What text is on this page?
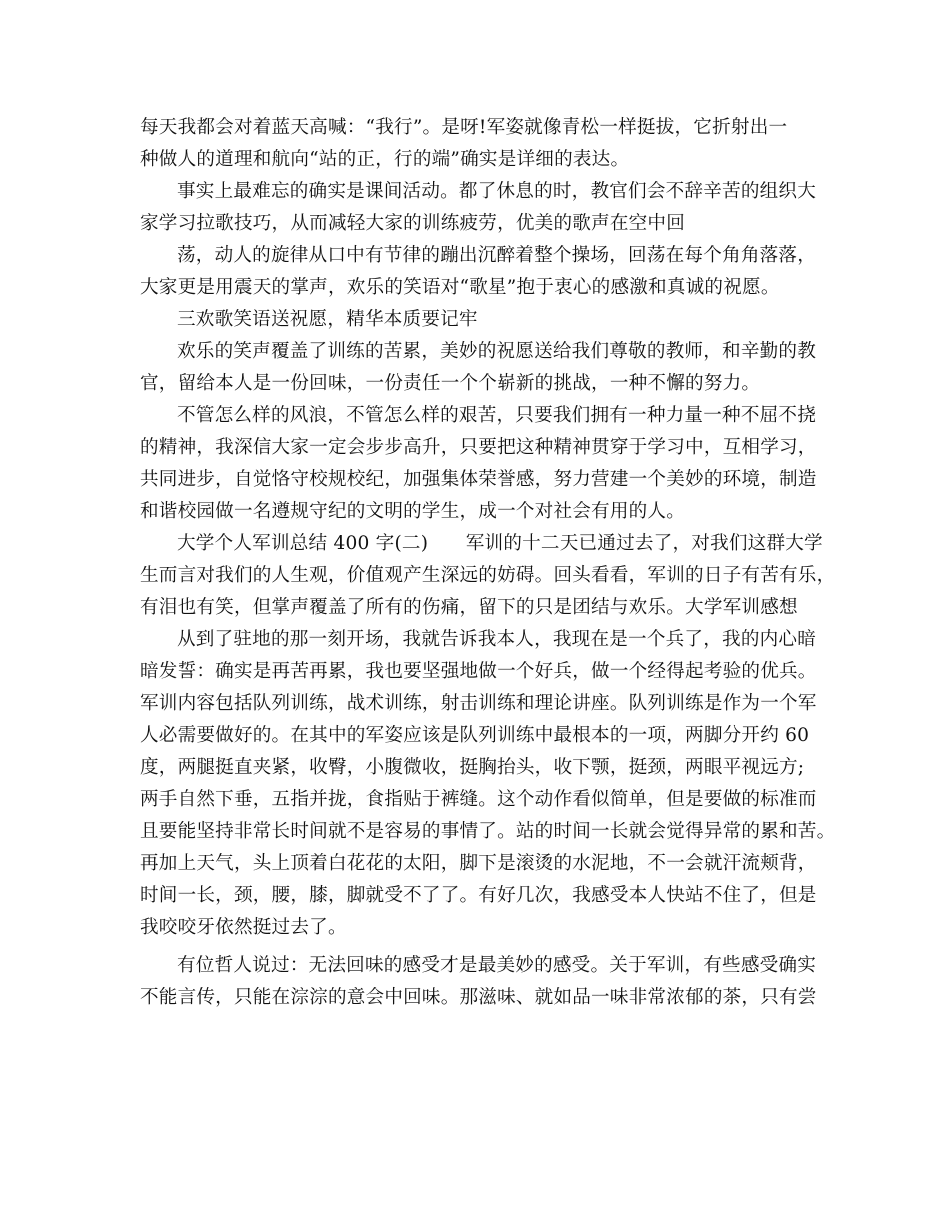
每天我都会对着蓝天高喊：“我行”。是呀!军姿就像青松一样挺拔，它折射出一
种做人的道理和航向“站的正，行的端”确实是详细的表达。
事实上最难忘的确实是课间活动。都了休息的时，教官们会不辞辛苦的组织大
家学习拉歌技巧，从而减轻大家的训练疲劳，优美的歌声在空中回
荡，动人的旋律从口中有节律的蹦出沉醉着整个操场，回荡在每个角角落落，
大家更是用震天的掌声，欢乐的笑语对“歌星”抱于衷心的感激和真诚的祝愿。
三欢歌笑语送祝愿，精华本质要记牢
欢乐的笑声覆盖了训练的苦累，美妙的祝愿送给我们尊敬的教师，和辛勤的教
官，留给本人是一份回味，一份责任一个个崭新的挑战，一种不懈的努力。
不管怎么样的风浪，不管怎么样的艰苦，只要我们拥有一种力量一种不屈不挠
的精神，我深信大家一定会步步高升，只要把这种精神贯穿于学习中，互相学习，
共同进步，自觉恪守校规校纪，加强集体荣誉感，努力营建一个美妙的环境，制造
和谐校园做一名遵规守纪的文明的学生，成一个对社会有用的人。
大学个人军训总结 400 字(二)　　军训的十二天已通过去了，对我们这群大学
生而言对我们的人生观，价值观产生深远的妨碍。回头看看，军训的日子有苦有乐，
有泪也有笑，但掌声覆盖了所有的伤痛，留下的只是团结与欢乐。大学军训感想
从到了驻地的那一刻开场，我就告诉我本人，我现在是一个兵了，我的内心暗
暗发誓：确实是再苦再累，我也要坚强地做一个好兵，做一个经得起考验的优兵。
军训内容包括队列训练，战术训练，射击训练和理论讲座。队列训练是作为一个军
人必需要做好的。在其中的军姿应该是队列训练中最根本的一项，两脚分开约 60
度，两腿挺直夹紧，收臀，小腹微收，挺胸抬头，收下颚，挺颈，两眼平视远方;
两手自然下垂，五指并拢，食指贴于裤缝。这个动作看似简单，但是要做的标准而
且要能坚持非常长时间就不是容易的事情了。站的时间一长就会觉得异常的累和苦。
再加上天气，头上顶着白花花的太阳，脚下是滚烫的水泥地，不一会就汗流颊背，
时间一长，颈，腰，膝，脚就受不了了。有好几次，我感受本人快站不住了，但是
我咬咬牙依然挺过去了。
有位哲人说过：无法回味的感受才是最美妙的感受。关于军训，有些感受确实
不能言传，只能在淙淙的意会中回味。那滋味、就如品一味非常浓郁的茶，只有尝
